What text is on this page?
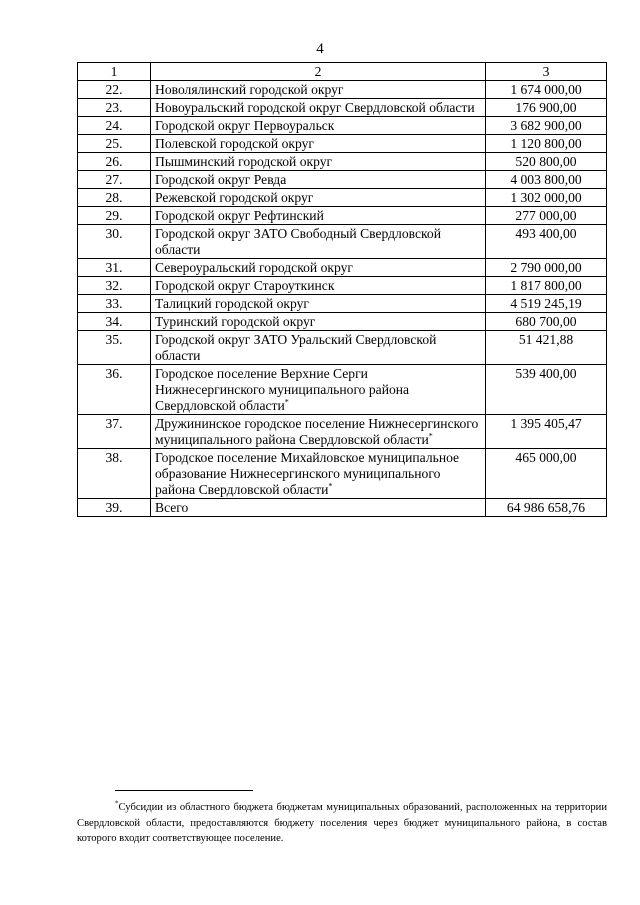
4
1	2	3
22.	Новолялинский городской округ	1 674 000,00
23.	Новоуральский городской округ Свердловской области	176 900,00
24.	Городской округ Первоуральск	3 682 900,00
25.	Полевской городской округ	1 120 800,00
26.	Пышминский городской округ	520 800,00
27.	Городской округ Ревда	4 003 800,00
28.	Режевской городской округ	1 302 000,00
29.	Городской округ Рефтинский	277 000,00
30.	Городской округ ЗАТО Свободный Свердловской области	493 400,00
31.	Североуральский городской округ	2 790 000,00
32.	Городской округ Староуткинск	1 817 800,00
33.	Талицкий городской округ	4 519 245,19
34.	Туринский городской округ	680 700,00
35.	Городской округ ЗАТО Уральский Свердловской области	51 421,88
36.	Городское поселение Верхние Серги Нижнесергинского муниципального района Свердловской области*	539 400,00
37.	Дружининское городское поселение Нижнесергинского муниципального района Свердловской области*	1 395 405,47
38.	Городское поселение Михайловское муниципальное образование Нижнесергинского муниципального района Свердловской области*	465 000,00
39.	Всего	64 986 658,76
*Субсидии из областного бюджета бюджетам муниципальных образований, расположенных на территории Свердловской области, предоставляются бюджету поселения через бюджет муниципального района, в состав которого входит соответствующее поселение.
